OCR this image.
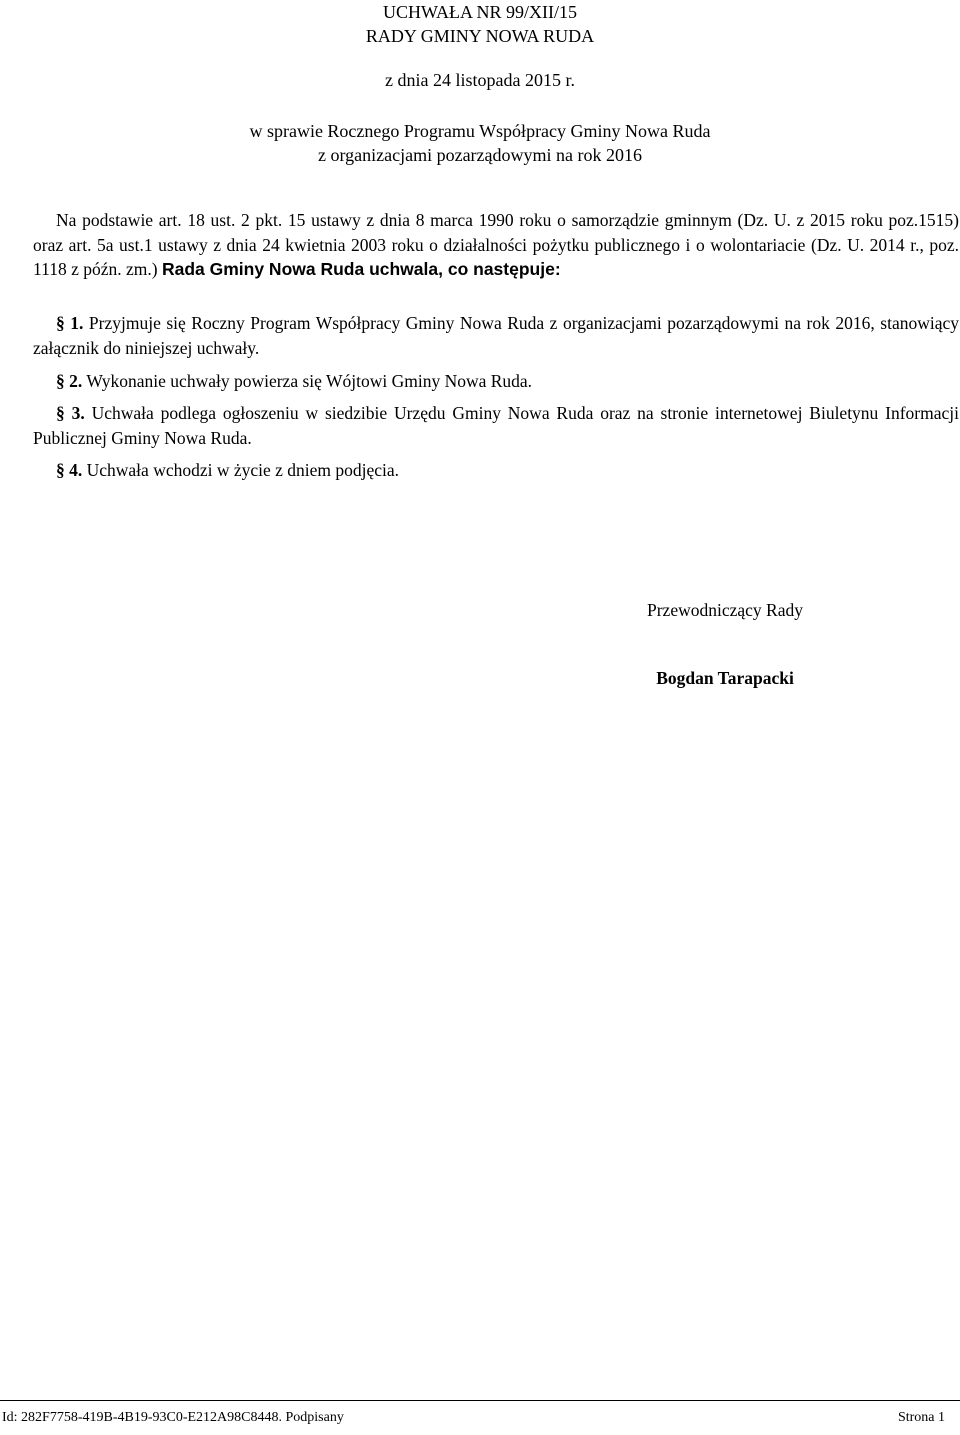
UCHWAŁA NR 99/XII/15
RADY GMINY NOWA RUDA
z dnia 24 listopada 2015 r.
w sprawie Rocznego Programu Współpracy Gminy Nowa Ruda
z organizacjami pozarządowymi na rok 2016
Na podstawie art. 18 ust. 2 pkt. 15 ustawy z dnia 8 marca 1990 roku o samorządzie gminnym (Dz. U. z 2015 roku poz.1515) oraz art. 5a ust.1 ustawy z dnia 24 kwietnia 2003 roku o działalności pożytku publicznego i o wolontariacie (Dz. U. 2014 r., poz. 1118 z późn. zm.) Rada Gminy Nowa Ruda uchwala, co następuje:
§ 1. Przyjmuje się Roczny Program Współpracy Gminy Nowa Ruda z organizacjami pozarządowymi na rok 2016, stanowiący załącznik do niniejszej uchwały.
§ 2. Wykonanie uchwały powierza się Wójtowi Gminy Nowa Ruda.
§ 3. Uchwała podlega ogłoszeniu w siedzibie Urzędu Gminy Nowa Ruda oraz na stronie internetowej Biuletynu Informacji Publicznej Gminy Nowa Ruda.
§ 4. Uchwała wchodzi w życie z dniem podjęcia.
Przewodniczący Rady
Bogdan Tarapacki
Id: 282F7758-419B-4B19-93C0-E212A98C8448. Podpisany	Strona 1
